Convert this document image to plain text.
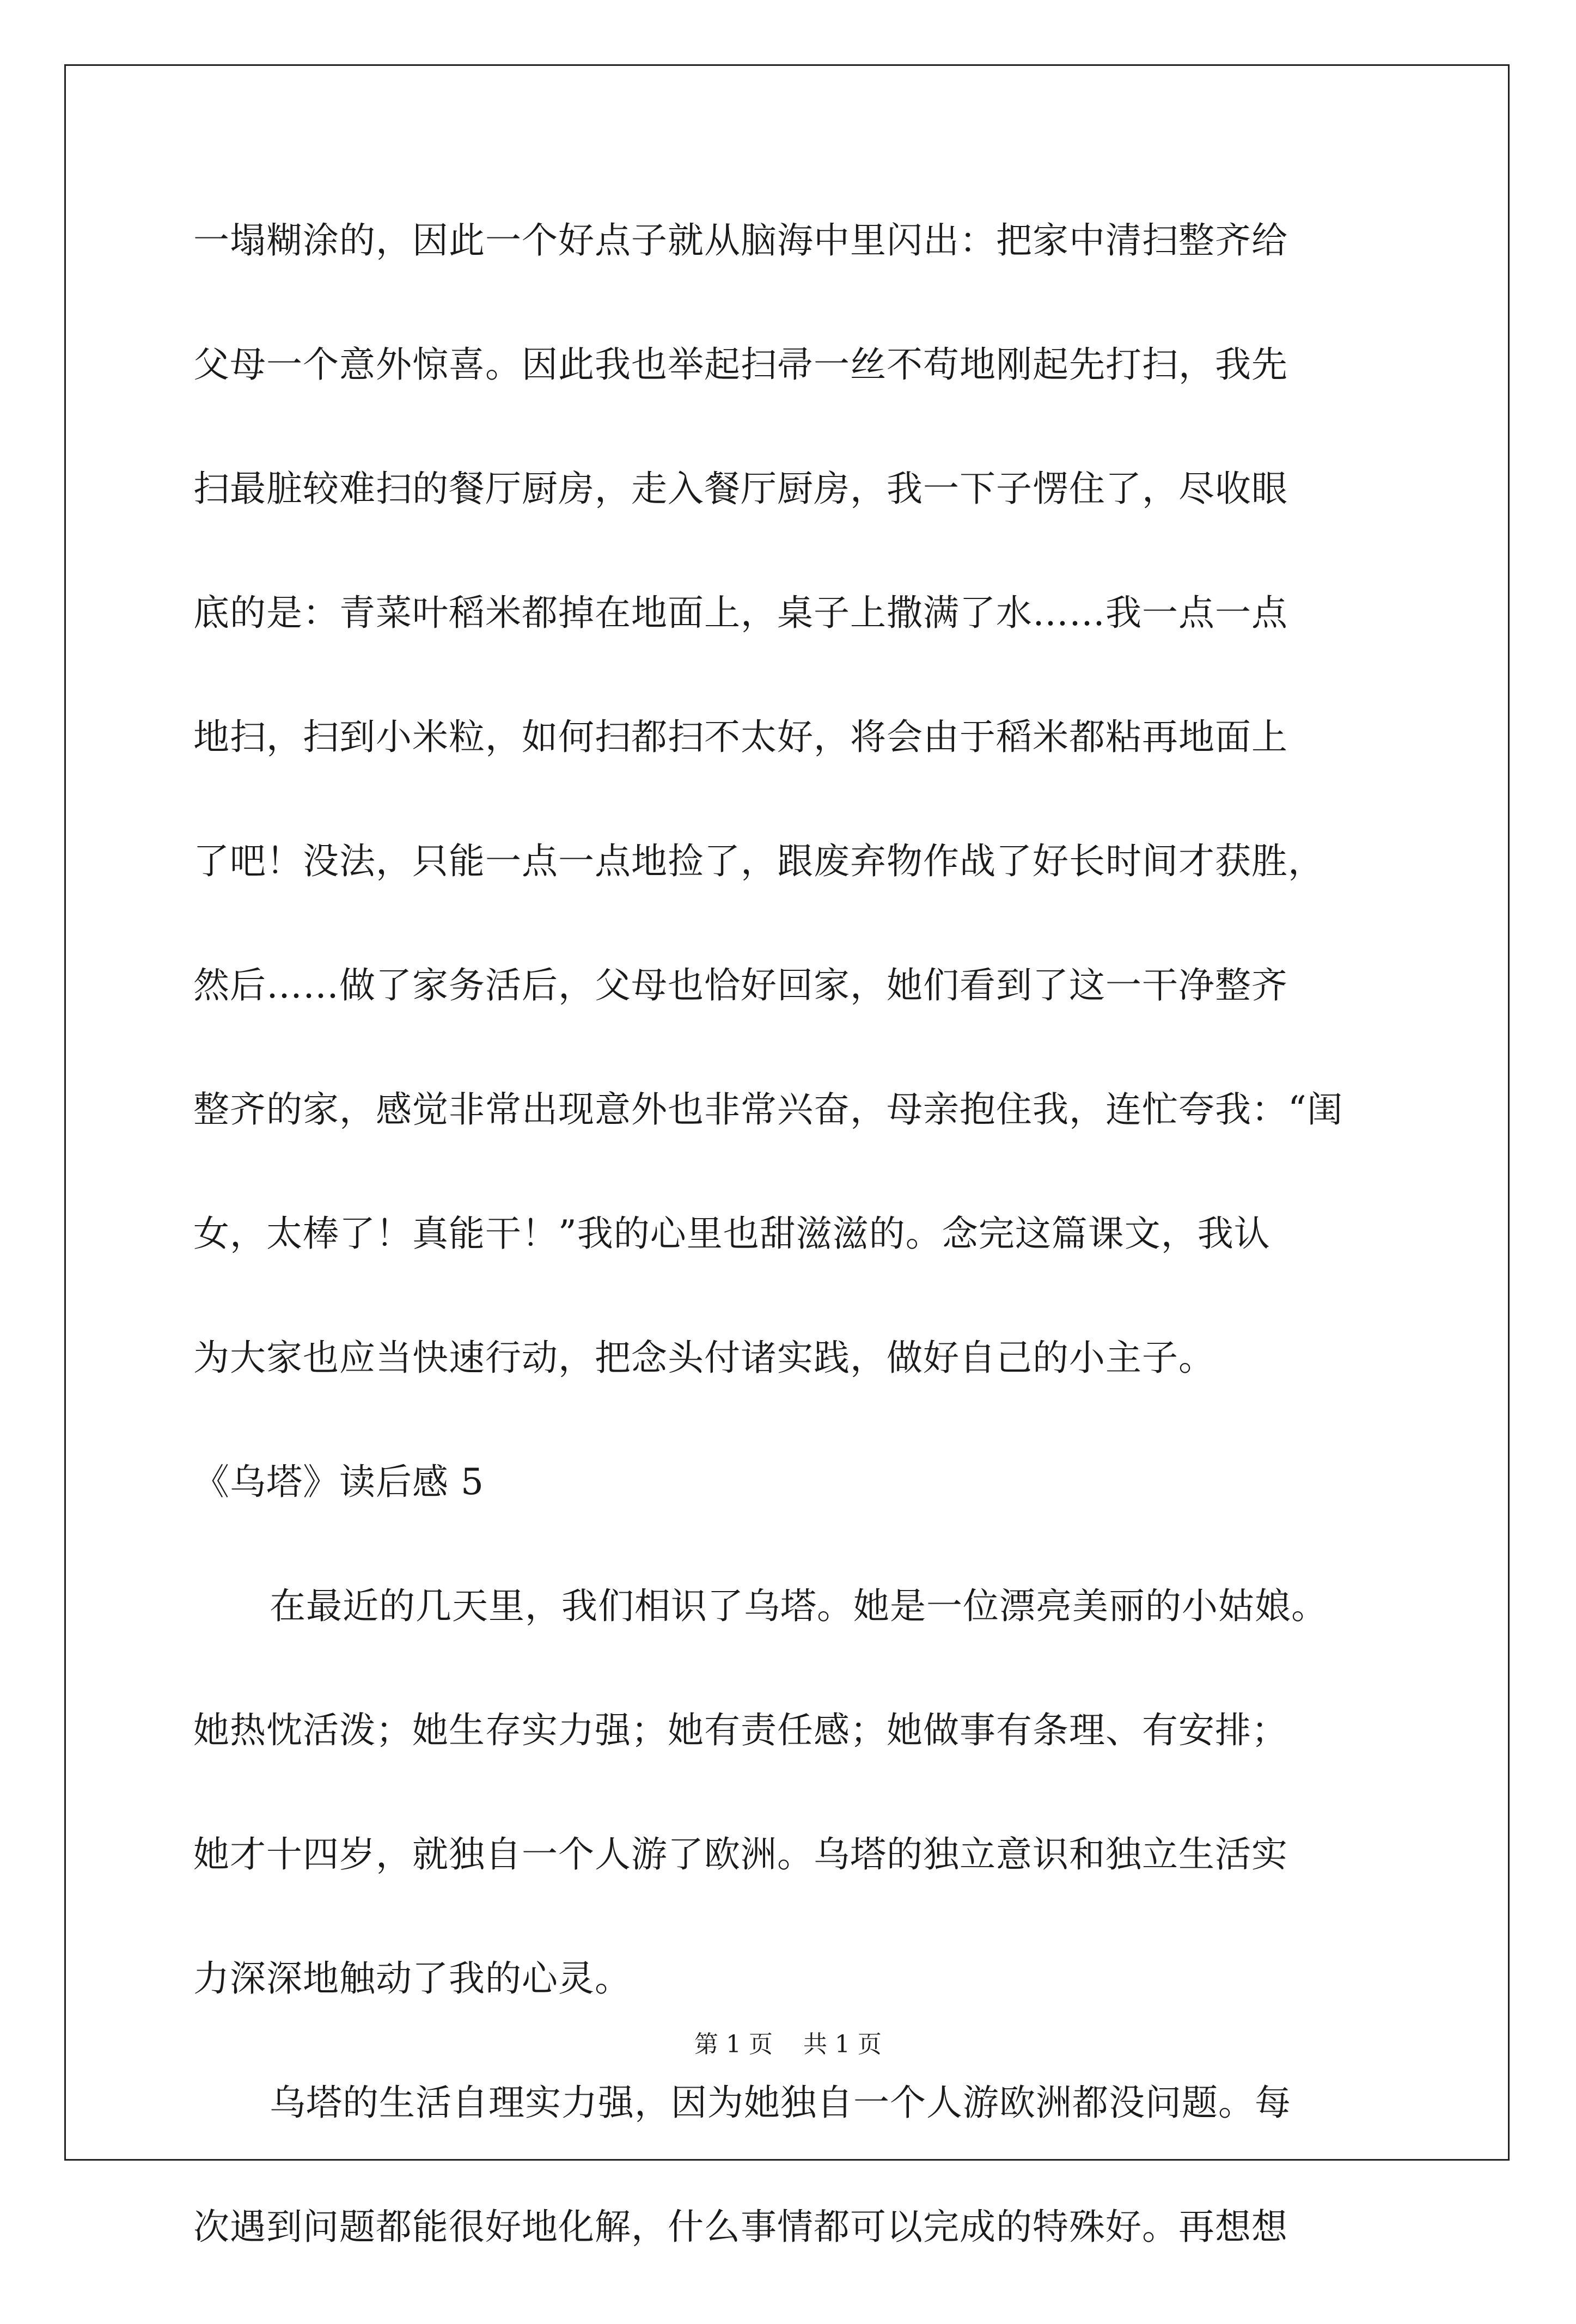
一塌糊涂的，因此一个好点子就从脑海中里闪出：把家中清扫整齐给
父母一个意外惊喜。因此我也举起扫帚一丝不苟地刚起先打扫，我先
扫最脏较难扫的餐厅厨房，走入餐厅厨房，我一下子愣住了，尽收眼
底的是：青菜叶稻米都掉在地面上，桌子上撒满了水……我一点一点
地扫，扫到小米粒，如何扫都扫不太好，将会由于稻米都粘再地面上
了吧！没法，只能一点一点地捡了，跟废弃物作战了好长时间才获胜，
然后……做了家务活后，父母也恰好回家，她们看到了这一干净整齐
整齐的家，感觉非常出现意外也非常兴奋，母亲抱住我，连忙夸我：“闺
女，太棒了！真能干！”我的心里也甜滋滋的。念完这篇课文，我认
为大家也应当快速行动，把念头付诸实践，做好自己的小主子。
《乌塔》读后感 5
在最近的几天里，我们相识了乌塔。她是一位漂亮美丽的小姑娘。
她热忱活泼；她生存实力强；她有责任感；她做事有条理、有安排；
她才十四岁，就独自一个人游了欧洲。乌塔的独立意识和独立生活实
力深深地触动了我的心灵。
乌塔的生活自理实力强，因为她独自一个人游欧洲都没问题。每
次遇到问题都能很好地化解，什么事情都可以完成的特殊好。再想想
第 1 页    共 1 页
